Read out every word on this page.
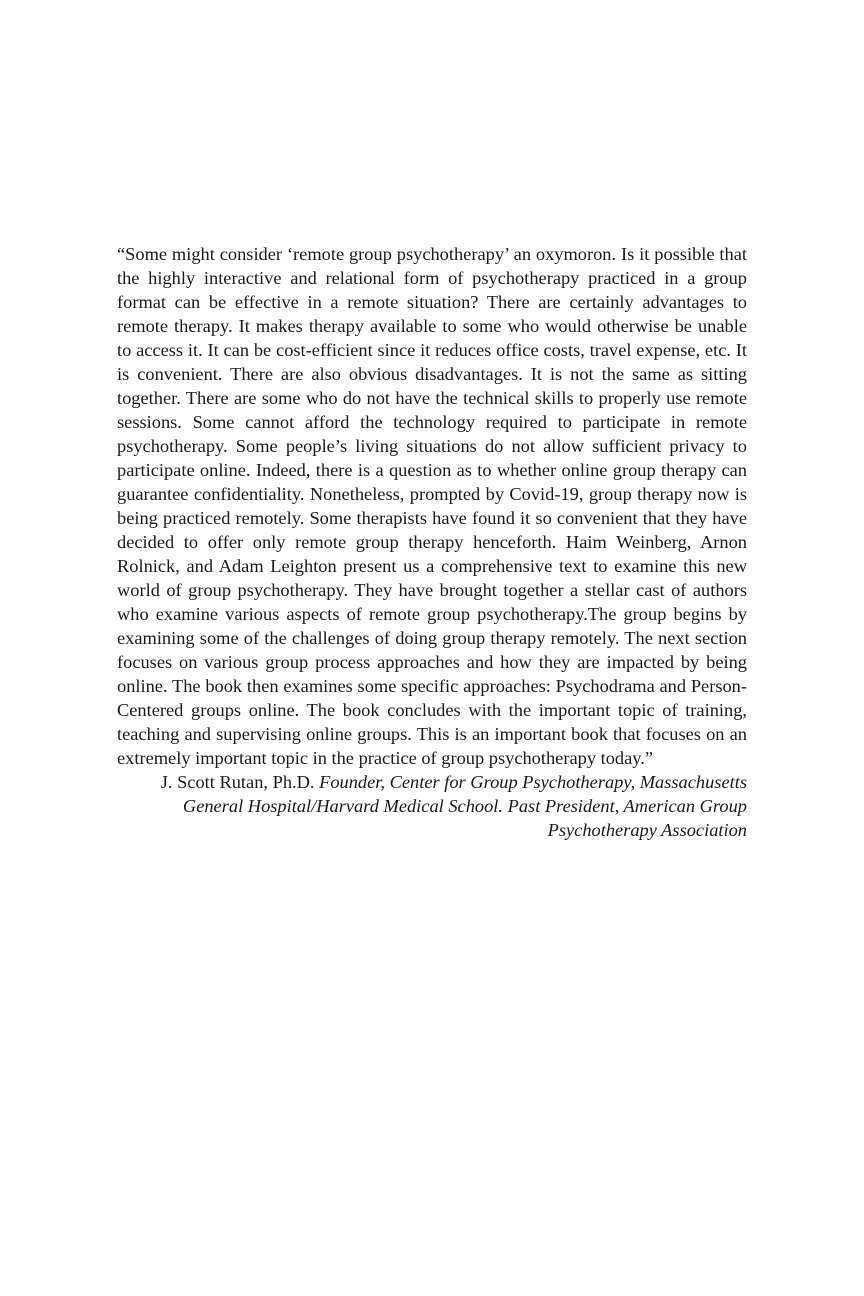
“Some might consider ‘remote group psychotherapy’ an oxymoron. Is it possible that the highly interactive and relational form of psychotherapy practiced in a group format can be effective in a remote situation? There are certainly advantages to remote therapy. It makes therapy available to some who would otherwise be unable to access it. It can be cost-efficient since it reduces office costs, travel expense, etc. It is convenient. There are also obvious disadvantages. It is not the same as sitting together. There are some who do not have the technical skills to properly use remote sessions. Some cannot afford the technology required to participate in remote psychotherapy. Some people’s living situations do not allow sufficient privacy to participate online. Indeed, there is a question as to whether online group therapy can guarantee confidentiality. Nonetheless, prompted by Covid-19, group therapy now is being practiced remotely. Some therapists have found it so convenient that they have decided to offer only remote group therapy henceforth. Haim Weinberg, Arnon Rolnick, and Adam Leighton present us a comprehensive text to examine this new world of group psychotherapy. They have brought together a stellar cast of authors who examine various aspects of remote group psychotherapy.The group begins by examining some of the challenges of doing group therapy remotely. The next section focuses on various group process approaches and how they are impacted by being online. The book then examines some specific approaches: Psychodrama and Person-Centered groups online. The book concludes with the important topic of training, teaching and supervising online groups. This is an important book that focuses on an extremely important topic in the practice of group psychotherapy today.”

J. Scott Rutan, Ph.D. Founder, Center for Group Psychotherapy, Massachusetts General Hospital/Harvard Medical School. Past President, American Group Psychotherapy Association
